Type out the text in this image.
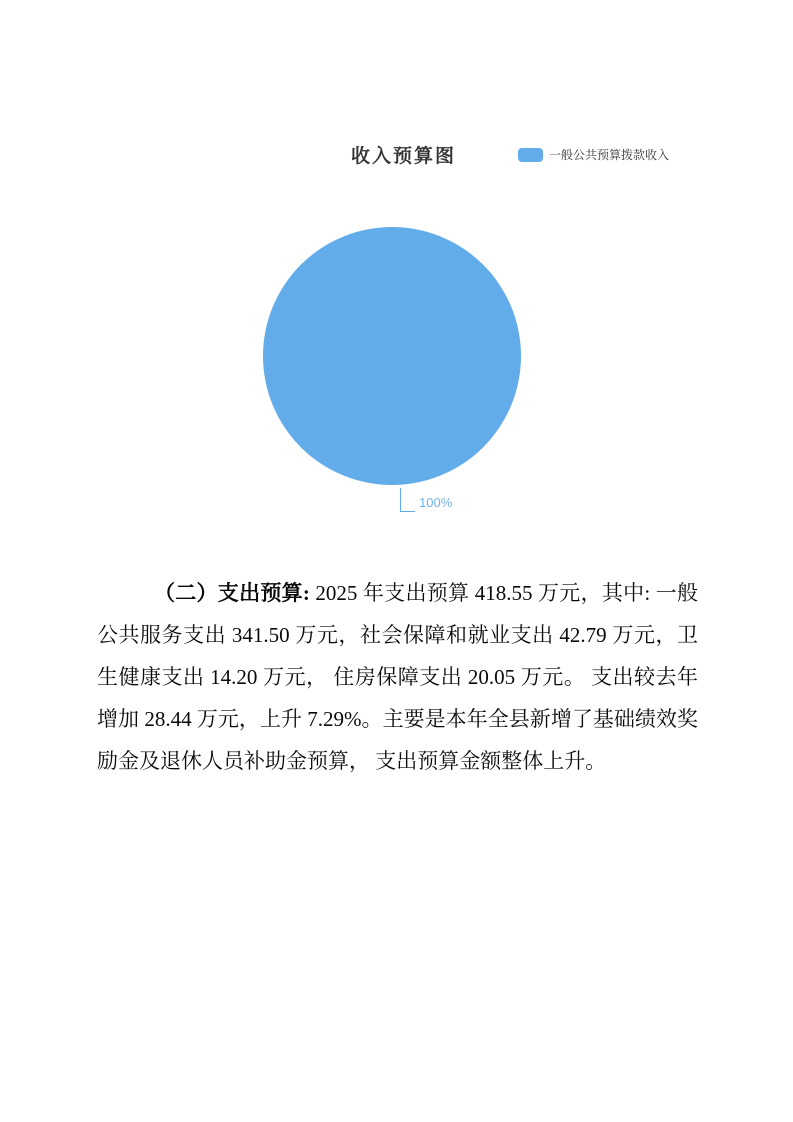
收入预算图	一般公共预算拨款收入
100%

（二）支出预算: 2025 年支出预算 418.55 万元，其中: 一般公共服务支出 341.50 万元，社会保障和就业支出 42.79 万元，卫生健康支出 14.20 万元， 住房保障支出 20.05 万元。 支出较去年增加 28.44 万元，上升 7.29%。主要是本年全县新增了基础绩效奖励金及退休人员补助金预算， 支出预算金额整体上升。
